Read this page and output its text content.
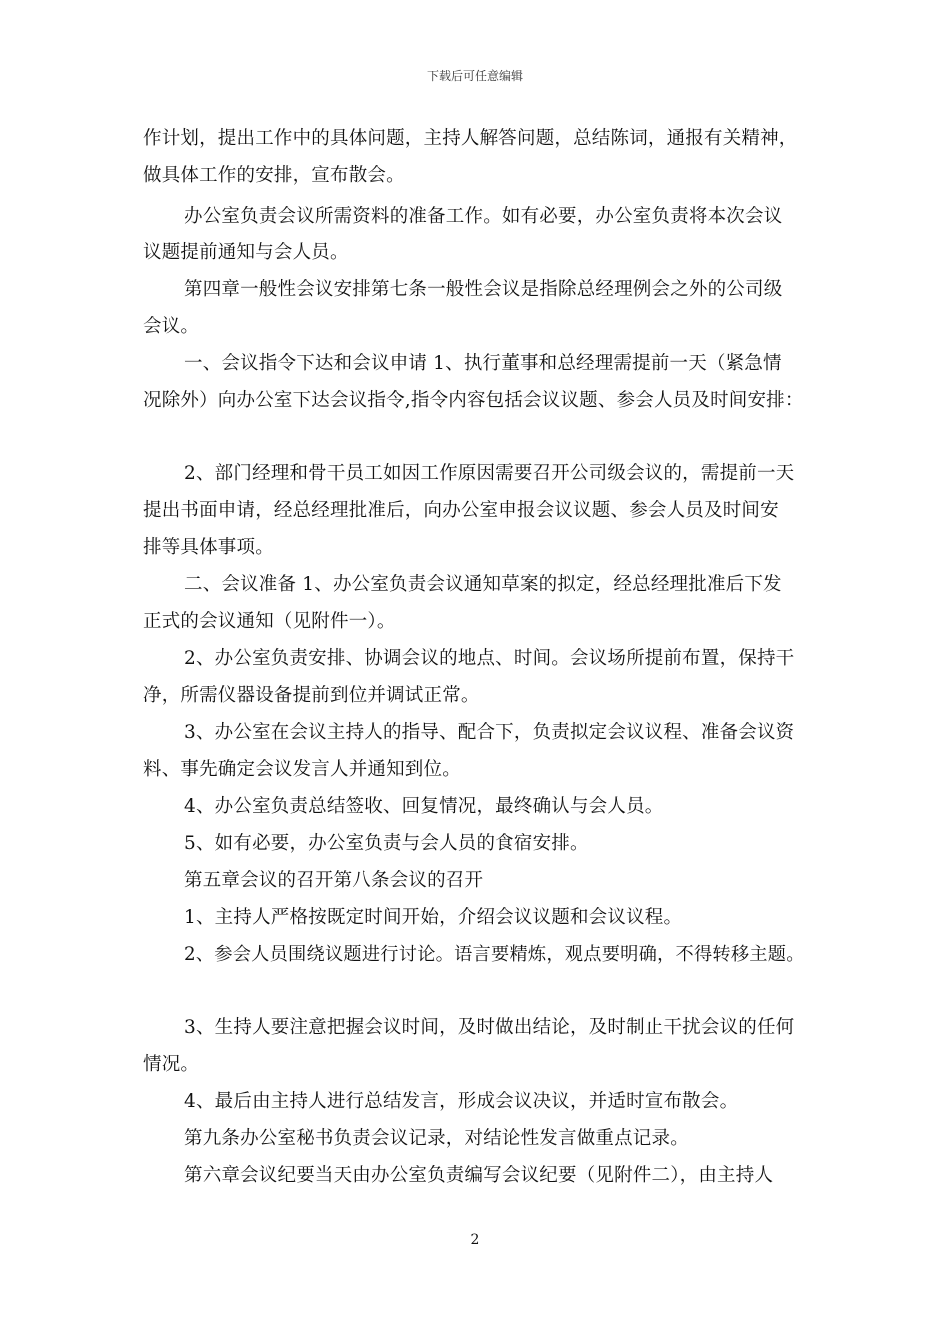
下载后可任意编辑
作计划，提出工作中的具体问题，主持人解答问题，总结陈词，通报有关精神，
做具体工作的安排，宣布散会。
办公室负责会议所需资料的准备工作。如有必要，办公室负责将本次会议
议题提前通知与会人员。
第四章一般性会议安排第七条一般性会议是指除总经理例会之外的公司级
会议。
一、会议指令下达和会议申请 1、执行董事和总经理需提前一天（紧急情
况除外）向办公室下达会议指令,指令内容包括会议议题、参会人员及时间安排：
2、部门经理和骨干员工如因工作原因需要召开公司级会议的，需提前一天
提出书面申请，经总经理批准后，向办公室申报会议议题、参会人员及时间安
排等具体事项。
二、会议准备 1、办公室负责会议通知草案的拟定，经总经理批准后下发
正式的会议通知（见附件一）。
2、办公室负责安排、协调会议的地点、时间。会议场所提前布置，保持干
净，所需仪器设备提前到位并调试正常。
3、办公室在会议主持人的指导、配合下，负责拟定会议议程、准备会议资
料、事先确定会议发言人并通知到位。
4、办公室负责总结签收、回复情况，最终确认与会人员。
5、如有必要，办公室负责与会人员的食宿安排。
第五章会议的召开第八条会议的召开
1、主持人严格按既定时间开始，介绍会议议题和会议议程。
2、参会人员围绕议题进行讨论。语言要精炼，观点要明确，不得转移主题。
3、生持人要注意把握会议时间，及时做出结论，及时制止干扰会议的任何
情况。
4、最后由主持人进行总结发言，形成会议决议，并适时宣布散会。
第九条办公室秘书负责会议记录，对结论性发言做重点记录。
第六章会议纪要当天由办公室负责编写会议纪要（见附件二），由主持人
2
